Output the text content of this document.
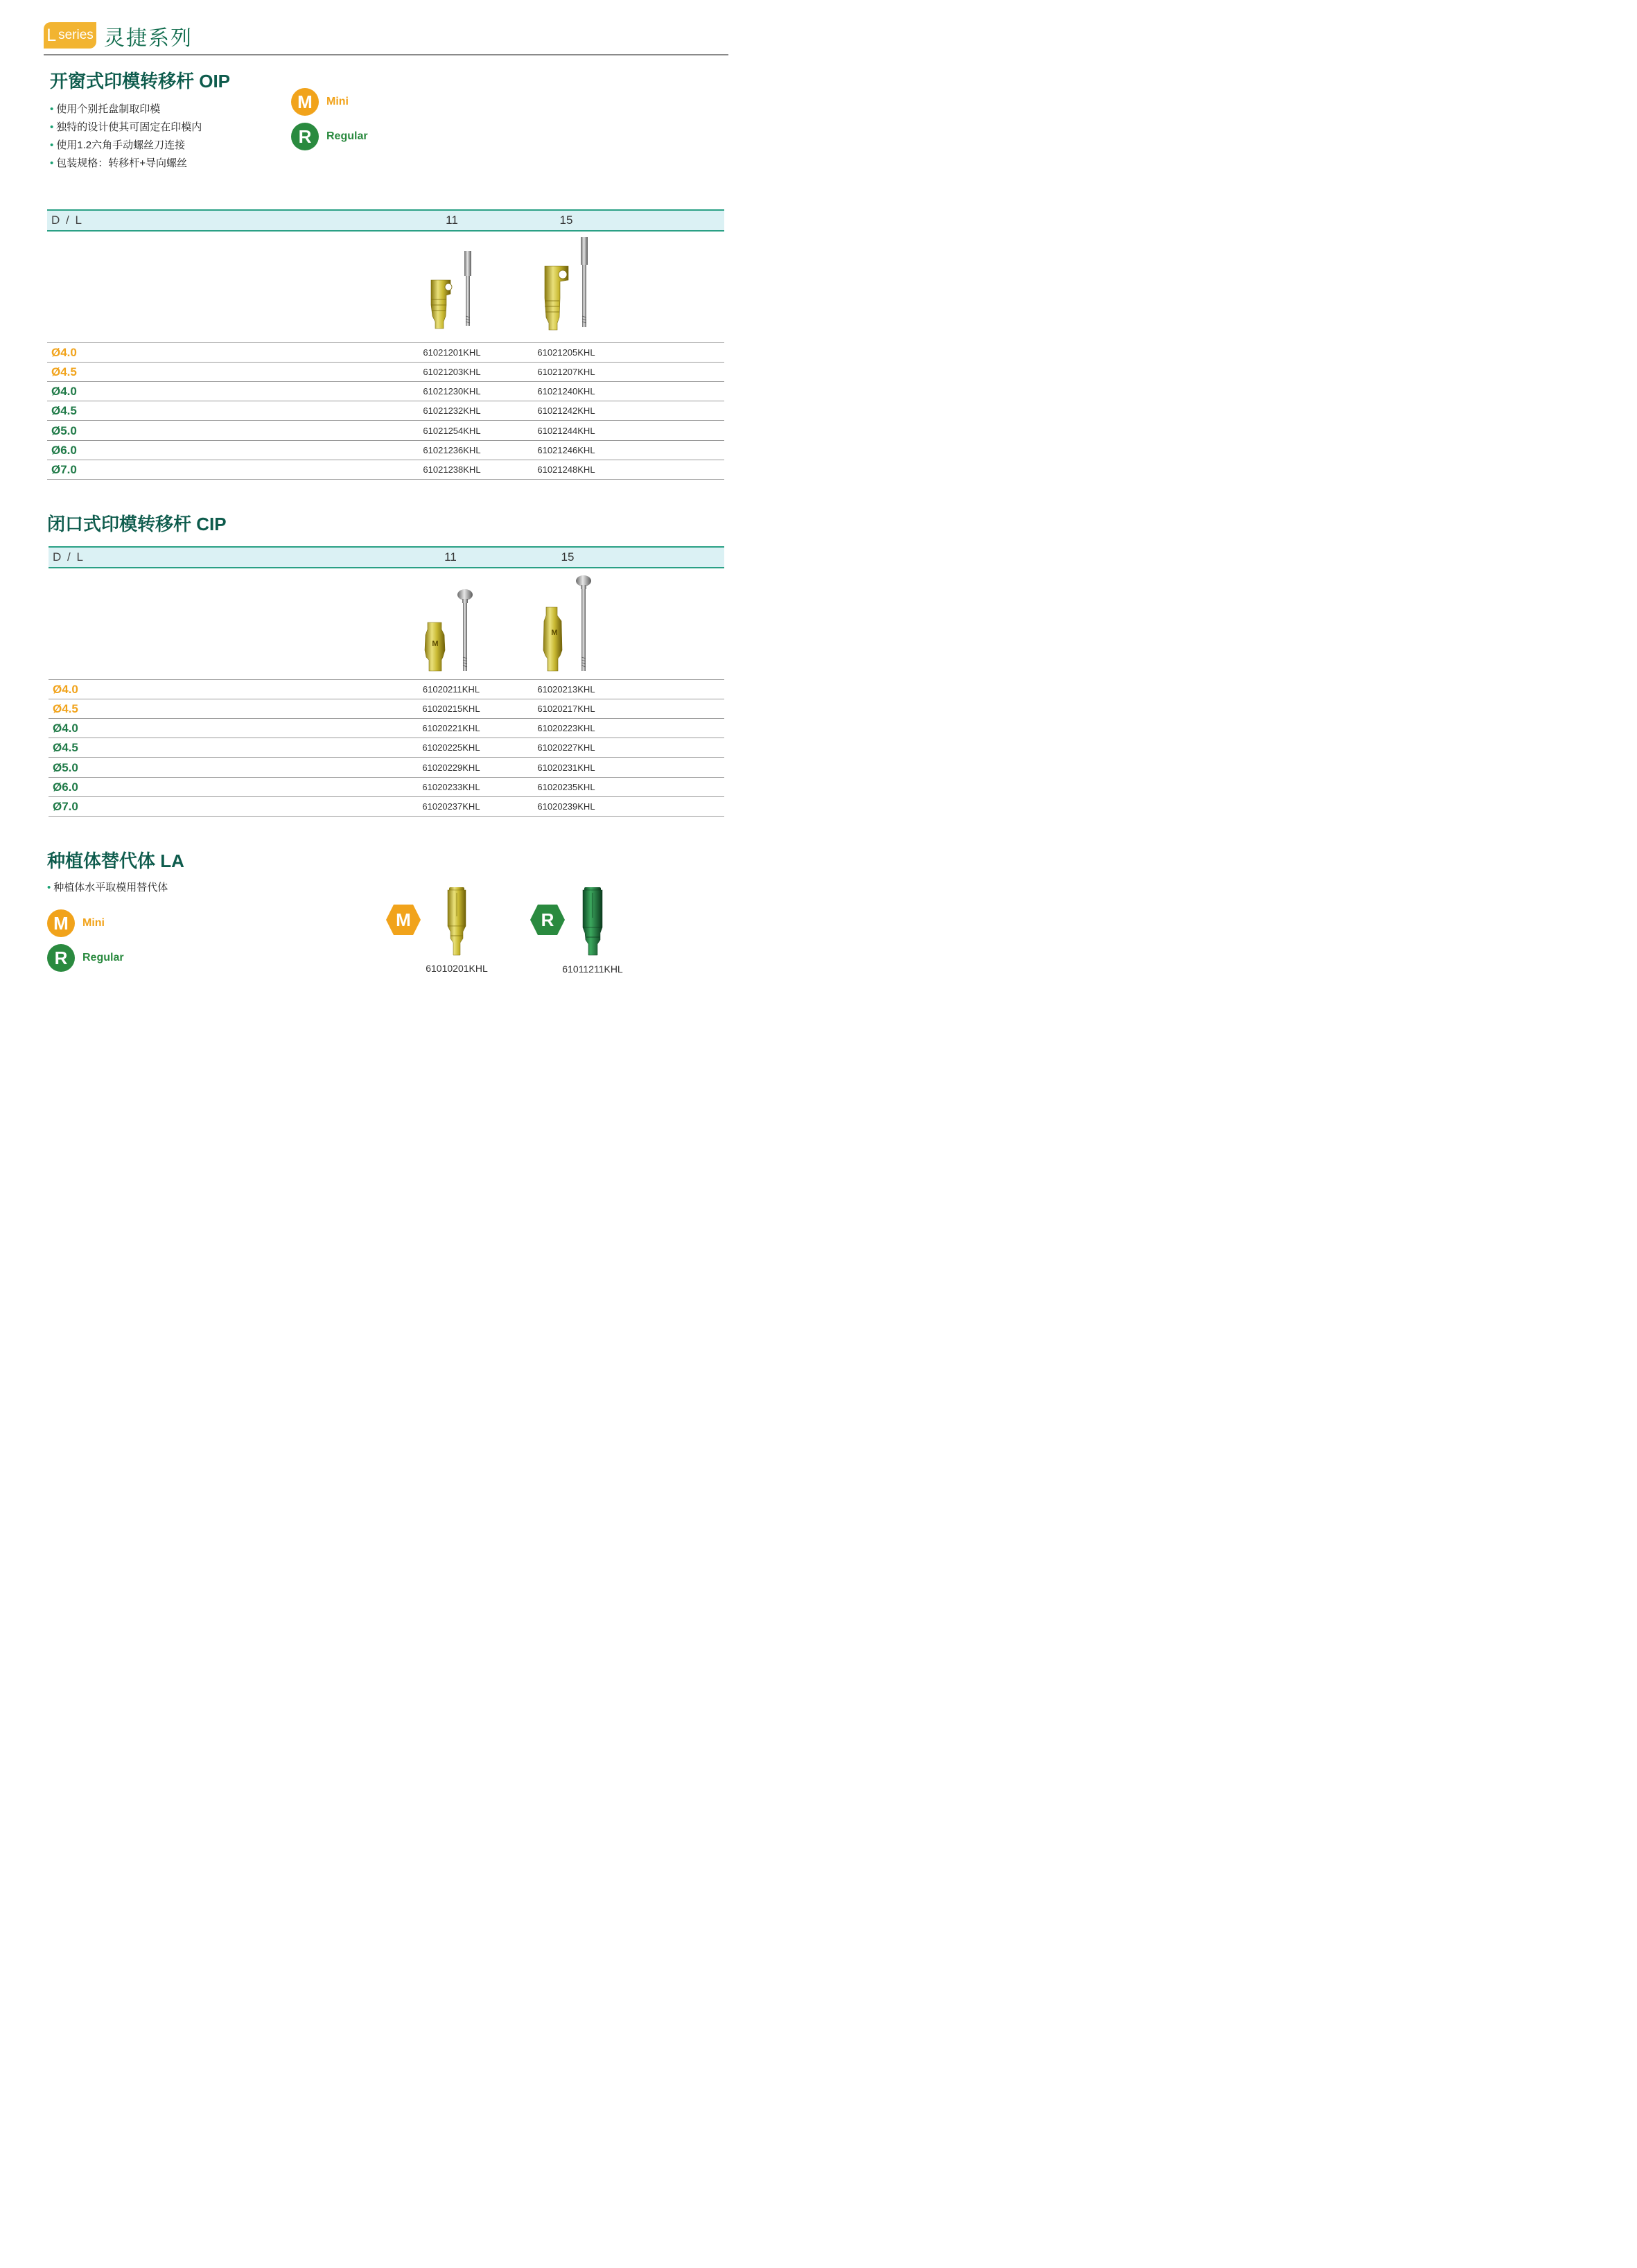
L series 灵捷系列
开窗式印模转移杆 OIP
• 使用个别托盘制取印模
• 独特的设计使其可固定在印模内
• 使用1.2六角手动螺丝刀连接
• 包装规格：转移杆+导向螺丝
M	Mini
R	Regular
D / L	11	15
Ø4.0	61021201KHL	61021205KHL
Ø4.5	61021203KHL	61021207KHL
Ø4.0	61021230KHL	61021240KHL
Ø4.5	61021232KHL	61021242KHL
Ø5.0	61021254KHL	61021244KHL
Ø6.0	61021236KHL	61021246KHL
Ø7.0	61021238KHL	61021248KHL
闭口式印模转移杆 CIP
D / L	11	15
M
M
Ø4.0	61020211KHL	61020213KHL
Ø4.5	61020215KHL	61020217KHL
Ø4.0	61020221KHL	61020223KHL
Ø4.5	61020225KHL	61020227KHL
Ø5.0	61020229KHL	61020231KHL
Ø6.0	61020233KHL	61020235KHL
Ø7.0	61020237KHL	61020239KHL
种植体替代体 LA
• 种植体水平取模用替代体
M	Mini
R	Regular
M
61010201KHL
R
61011211KHL
